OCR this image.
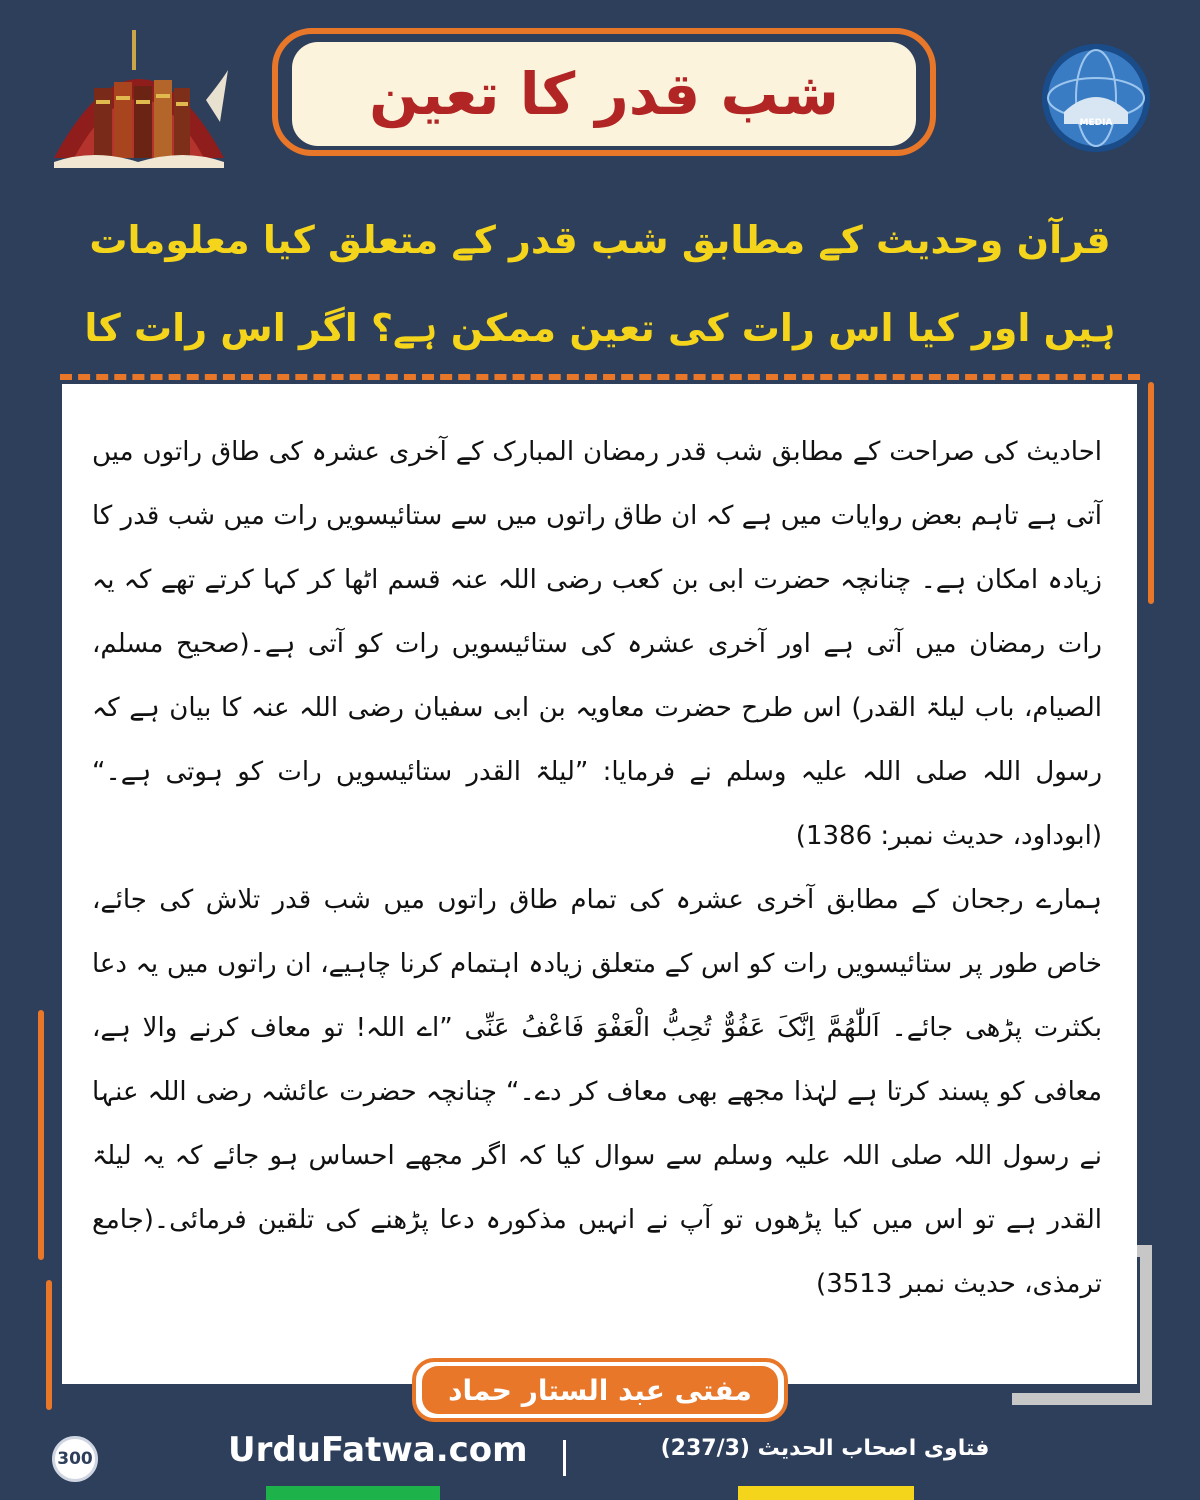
شب قدر کا تعین	MEDIA
قرآن وحدیث کے مطابق شب قدر کے متعلق کیا معلومات ہیں اور کیا اس رات کی تعین ممکن ہے؟ اگر اس رات کا

احادیث کی صراحت کے مطابق شب قدر رمضان المبارک کے آخری عشرہ کی طاق راتوں میں آتی ہے تاہم بعض روایات میں ہے کہ ان طاق راتوں میں سے ستائیسویں رات میں شب قدر کا زیادہ امکان ہے۔ چنانچہ حضرت ابی بن کعب رضی اللہ عنہ قسم اٹھا کر کہا کرتے تھے کہ یہ رات رمضان میں آتی ہے اور آخری عشرہ کی ستائیسویں رات کو آتی ہے۔(صحیح مسلم، الصیام، باب لیلۃ القدر) اس طرح حضرت معاویہ بن ابی سفیان رضی اللہ عنہ کا بیان ہے کہ رسول اللہ صلی اللہ علیہ وسلم نے فرمایا: ”لیلۃ القدر ستائیسویں رات کو ہوتی ہے۔“ (ابوداود، حدیث نمبر: 1386)

ہمارے رجحان کے مطابق آخری عشرہ کی تمام طاق راتوں میں شب قدر تلاش کی جائے، خاص طور پر ستائیسویں رات کو اس کے متعلق زیادہ اہتمام کرنا چاہیے، ان راتوں میں یہ دعا بکثرت پڑھی جائے۔ اَللّٰھُمَّ اِنَّکَ عَفُوٌّ تُحِبُّ الْعَفْوَ فَاعْفُ عَنِّی ”اے اللہ! تو معاف کرنے والا ہے، معافی کو پسند کرتا ہے لہٰذا مجھے بھی معاف کر دے۔“ چنانچہ حضرت عائشہ رضی اللہ عنہا نے رسول اللہ صلی اللہ علیہ وسلم سے سوال کیا کہ اگر مجھے احساس ہو جائے کہ یہ لیلۃ القدر ہے تو اس میں کیا پڑھوں تو آپ نے انہیں مذکورہ دعا پڑھنے کی تلقین فرمائی۔(جامع ترمذی، حدیث نمبر 3513)

مفتی عبد الستار حماد
300	UrduFatwa.com	فتاوی اصحاب الحدیث (237/3)
